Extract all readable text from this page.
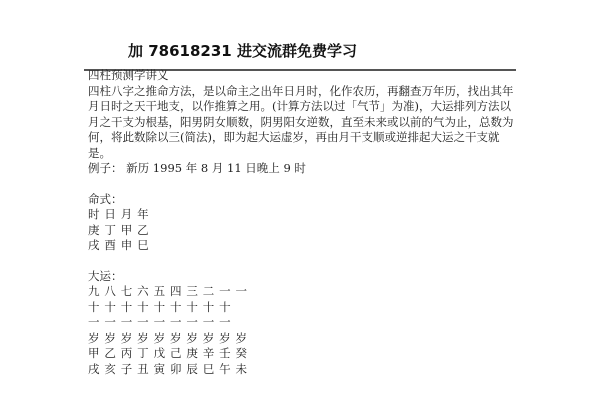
加 78618231 进交流群免费学习

四柱预测学讲义

四柱八字之推命方法，是以命主之出年日月时，化作农历，再翻查万年历，找出其年月日时之天干地支，以作推算之用。(计算方法以过「气节」为准)，大运排列方法以月之干支为根基，阳男阴女顺数，阴男阳女逆数，直至未来或以前的气为止，总数为何，将此数除以三(简法)，即为起大运虚岁，再由月干支顺或逆排起大运之干支就是。

例子： 新历 1995 年 8 月 11 日晚上 9 时

命式：

时 日 月 年
庚 丁 甲 乙
戌 酉 申 巳

大运：

九 八 七 六 五 四 三 二 一 一
十 十 十 十 十 十 十 十 十
一 一 一 一 一 一 一 一 一
岁 岁 岁 岁 岁 岁 岁 岁 岁 岁
甲 乙 丙 丁 戊 己 庚 辛 壬 癸
戌 亥 子 丑 寅 卯 辰 巳 午 未
